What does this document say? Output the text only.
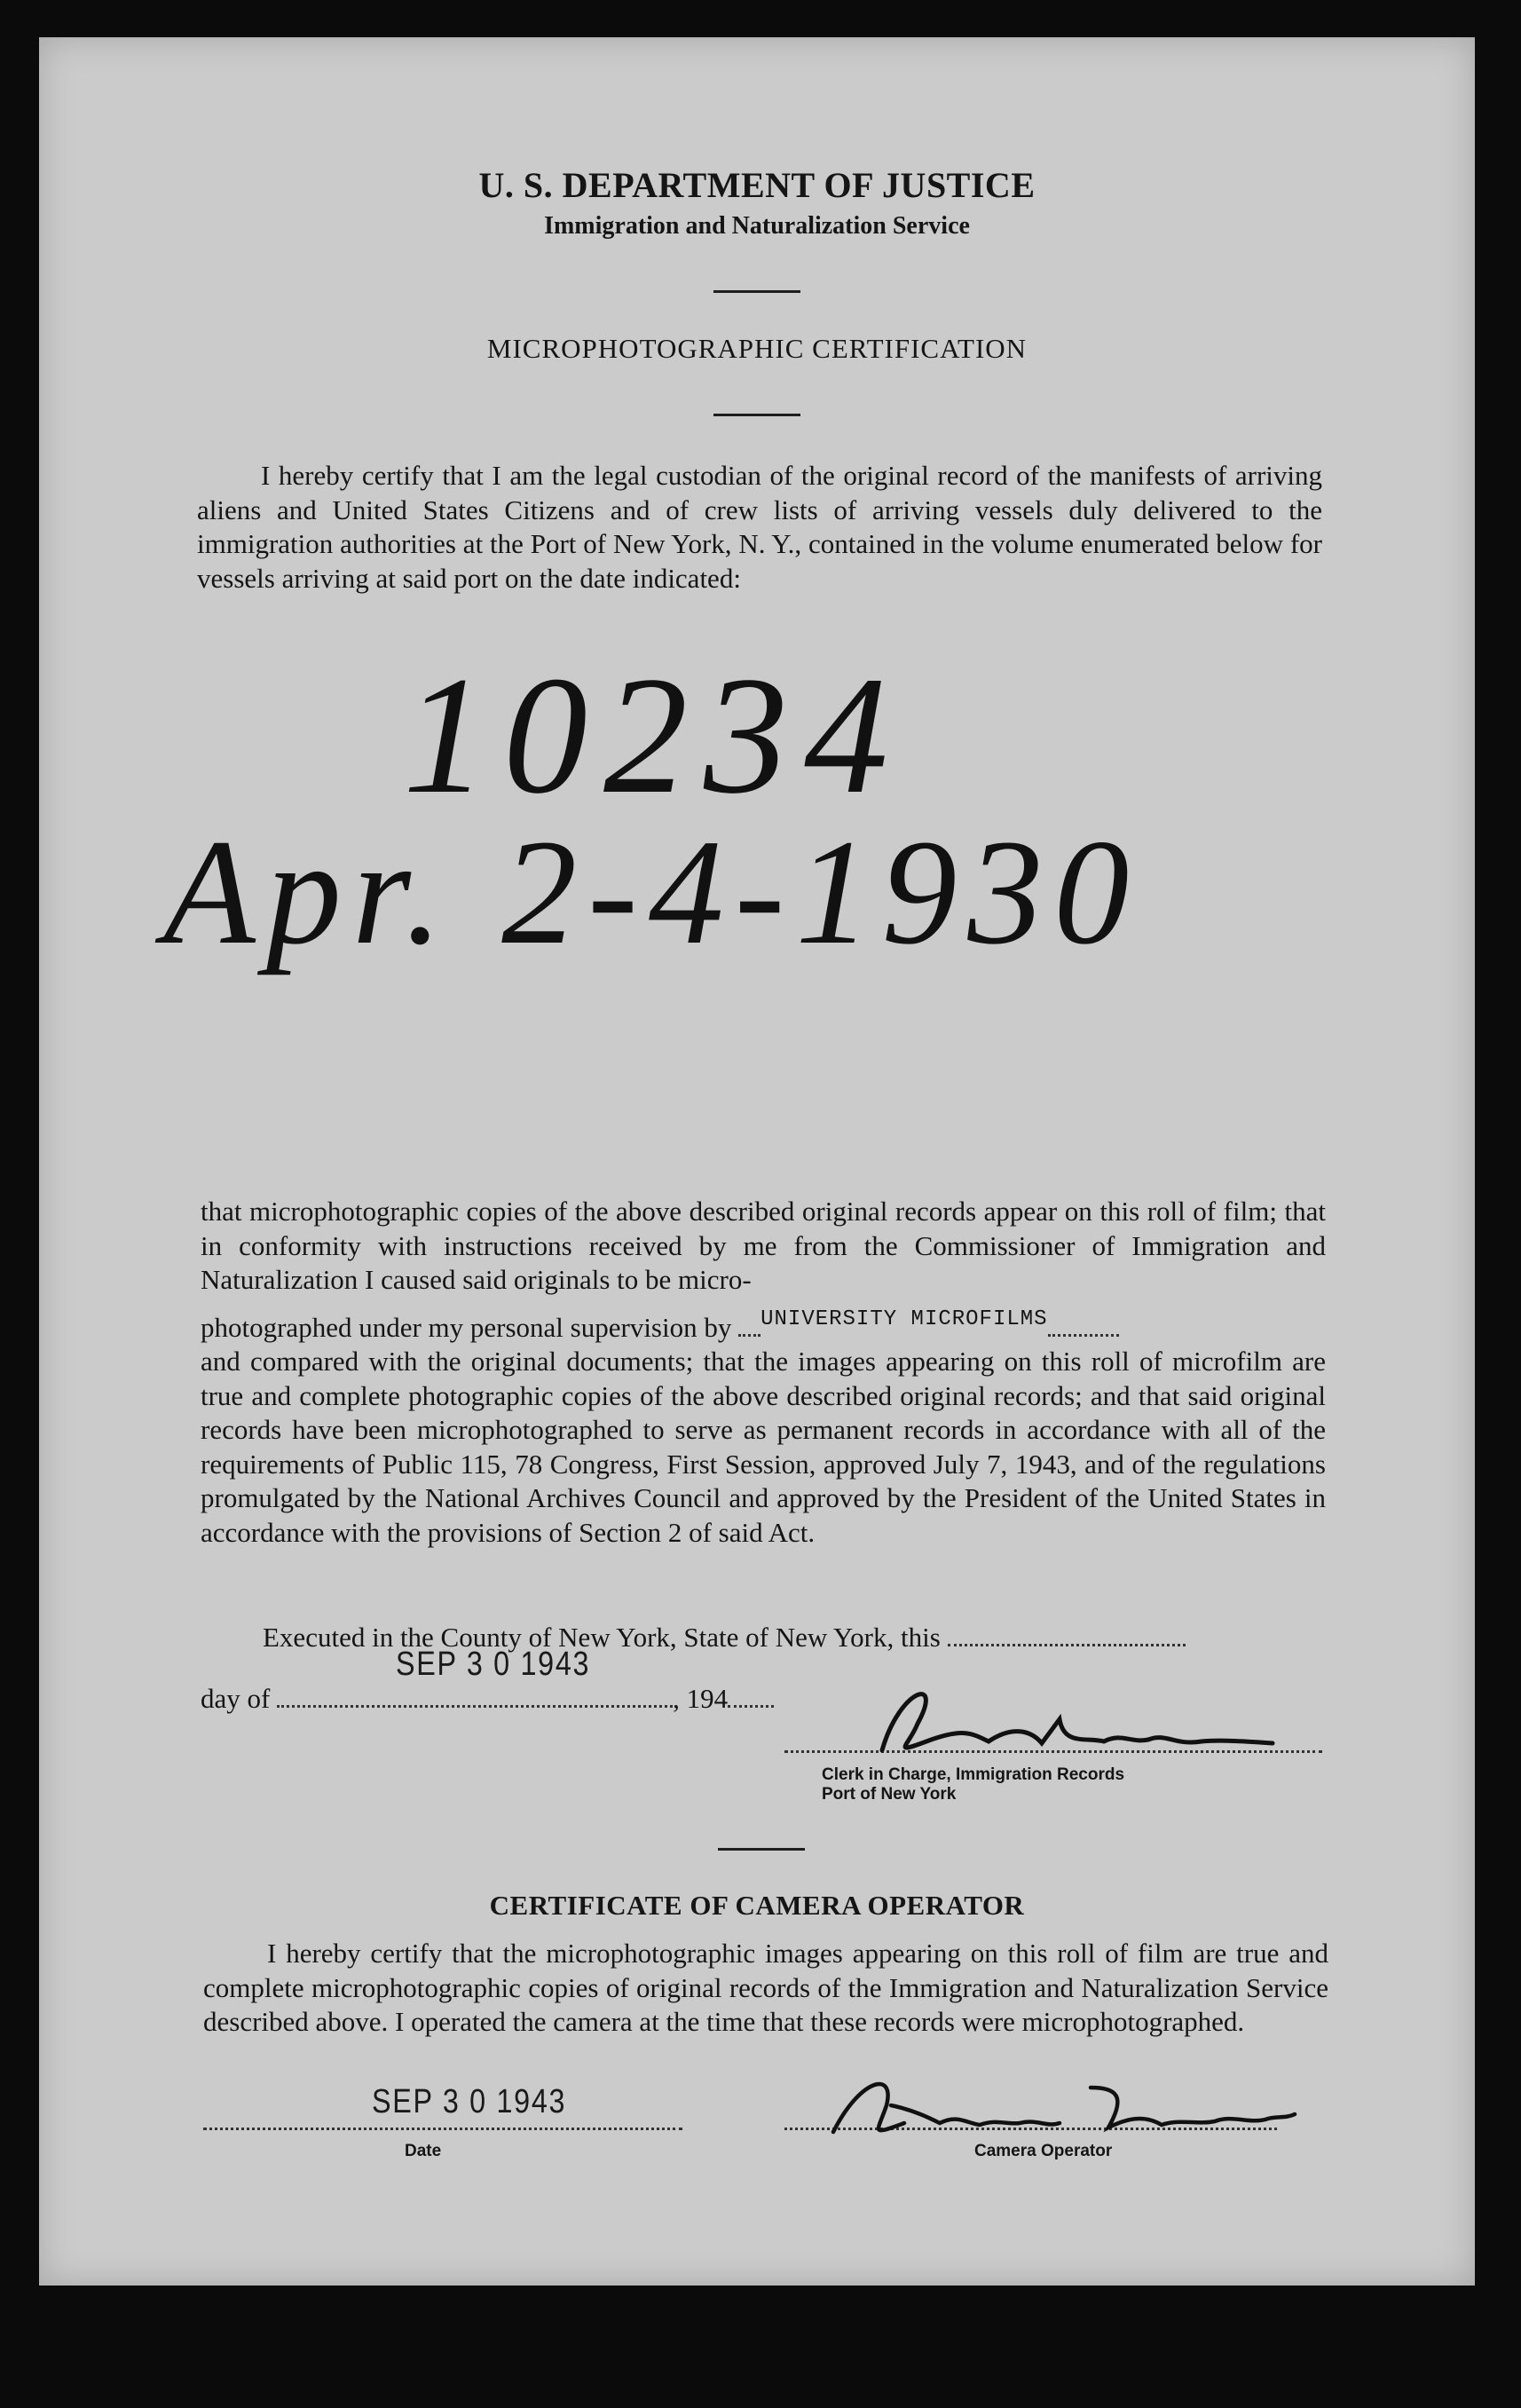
U. S. DEPARTMENT OF JUSTICE
Immigration and Naturalization Service
MICROPHOTOGRAPHIC CERTIFICATION
I hereby certify that I am the legal custodian of the original record of the manifests of arriving aliens and United States Citizens and of crew lists of arriving vessels duly delivered to the immigration authorities at the Port of New York, N. Y., contained in the volume enumerated below for vessels arriving at said port on the date indicated:
10234
Apr. 2-4-1930
that microphotographic copies of the above described original records appear on this roll of film; that in conformity with instructions received by me from the Commissioner of Immigration and Naturalization I caused said originals to be micro-
photographed under my personal supervision by $^{UNIVERSITY MICROFILMS}$
and compared with the original documents; that the images appearing on this roll of microfilm are true and complete photographic copies of the above described original records; and that said original records have been microphotographed to serve as permanent records in accordance with all of the requirements of Public 115, 78 Congress, First Session, approved July 7, 1943, and of the regulations promulgated by the National Archives Council and approved by the President of the United States in accordance with the provisions of Section 2 of said Act.
Executed in the County of New York, State of New York, this
day of	, 194
SEP 3 0 1943
Clerk in Charge, Immigration Records
Port of New York
CERTIFICATE OF CAMERA OPERATOR
I hereby certify that the microphotographic images appearing on this roll of film are true and complete microphotographic copies of original records of the Immigration and Naturalization Service described above. I operated the camera at the time that these records were microphotographed.
SEP 3 0 1943
Date	Camera Operator
